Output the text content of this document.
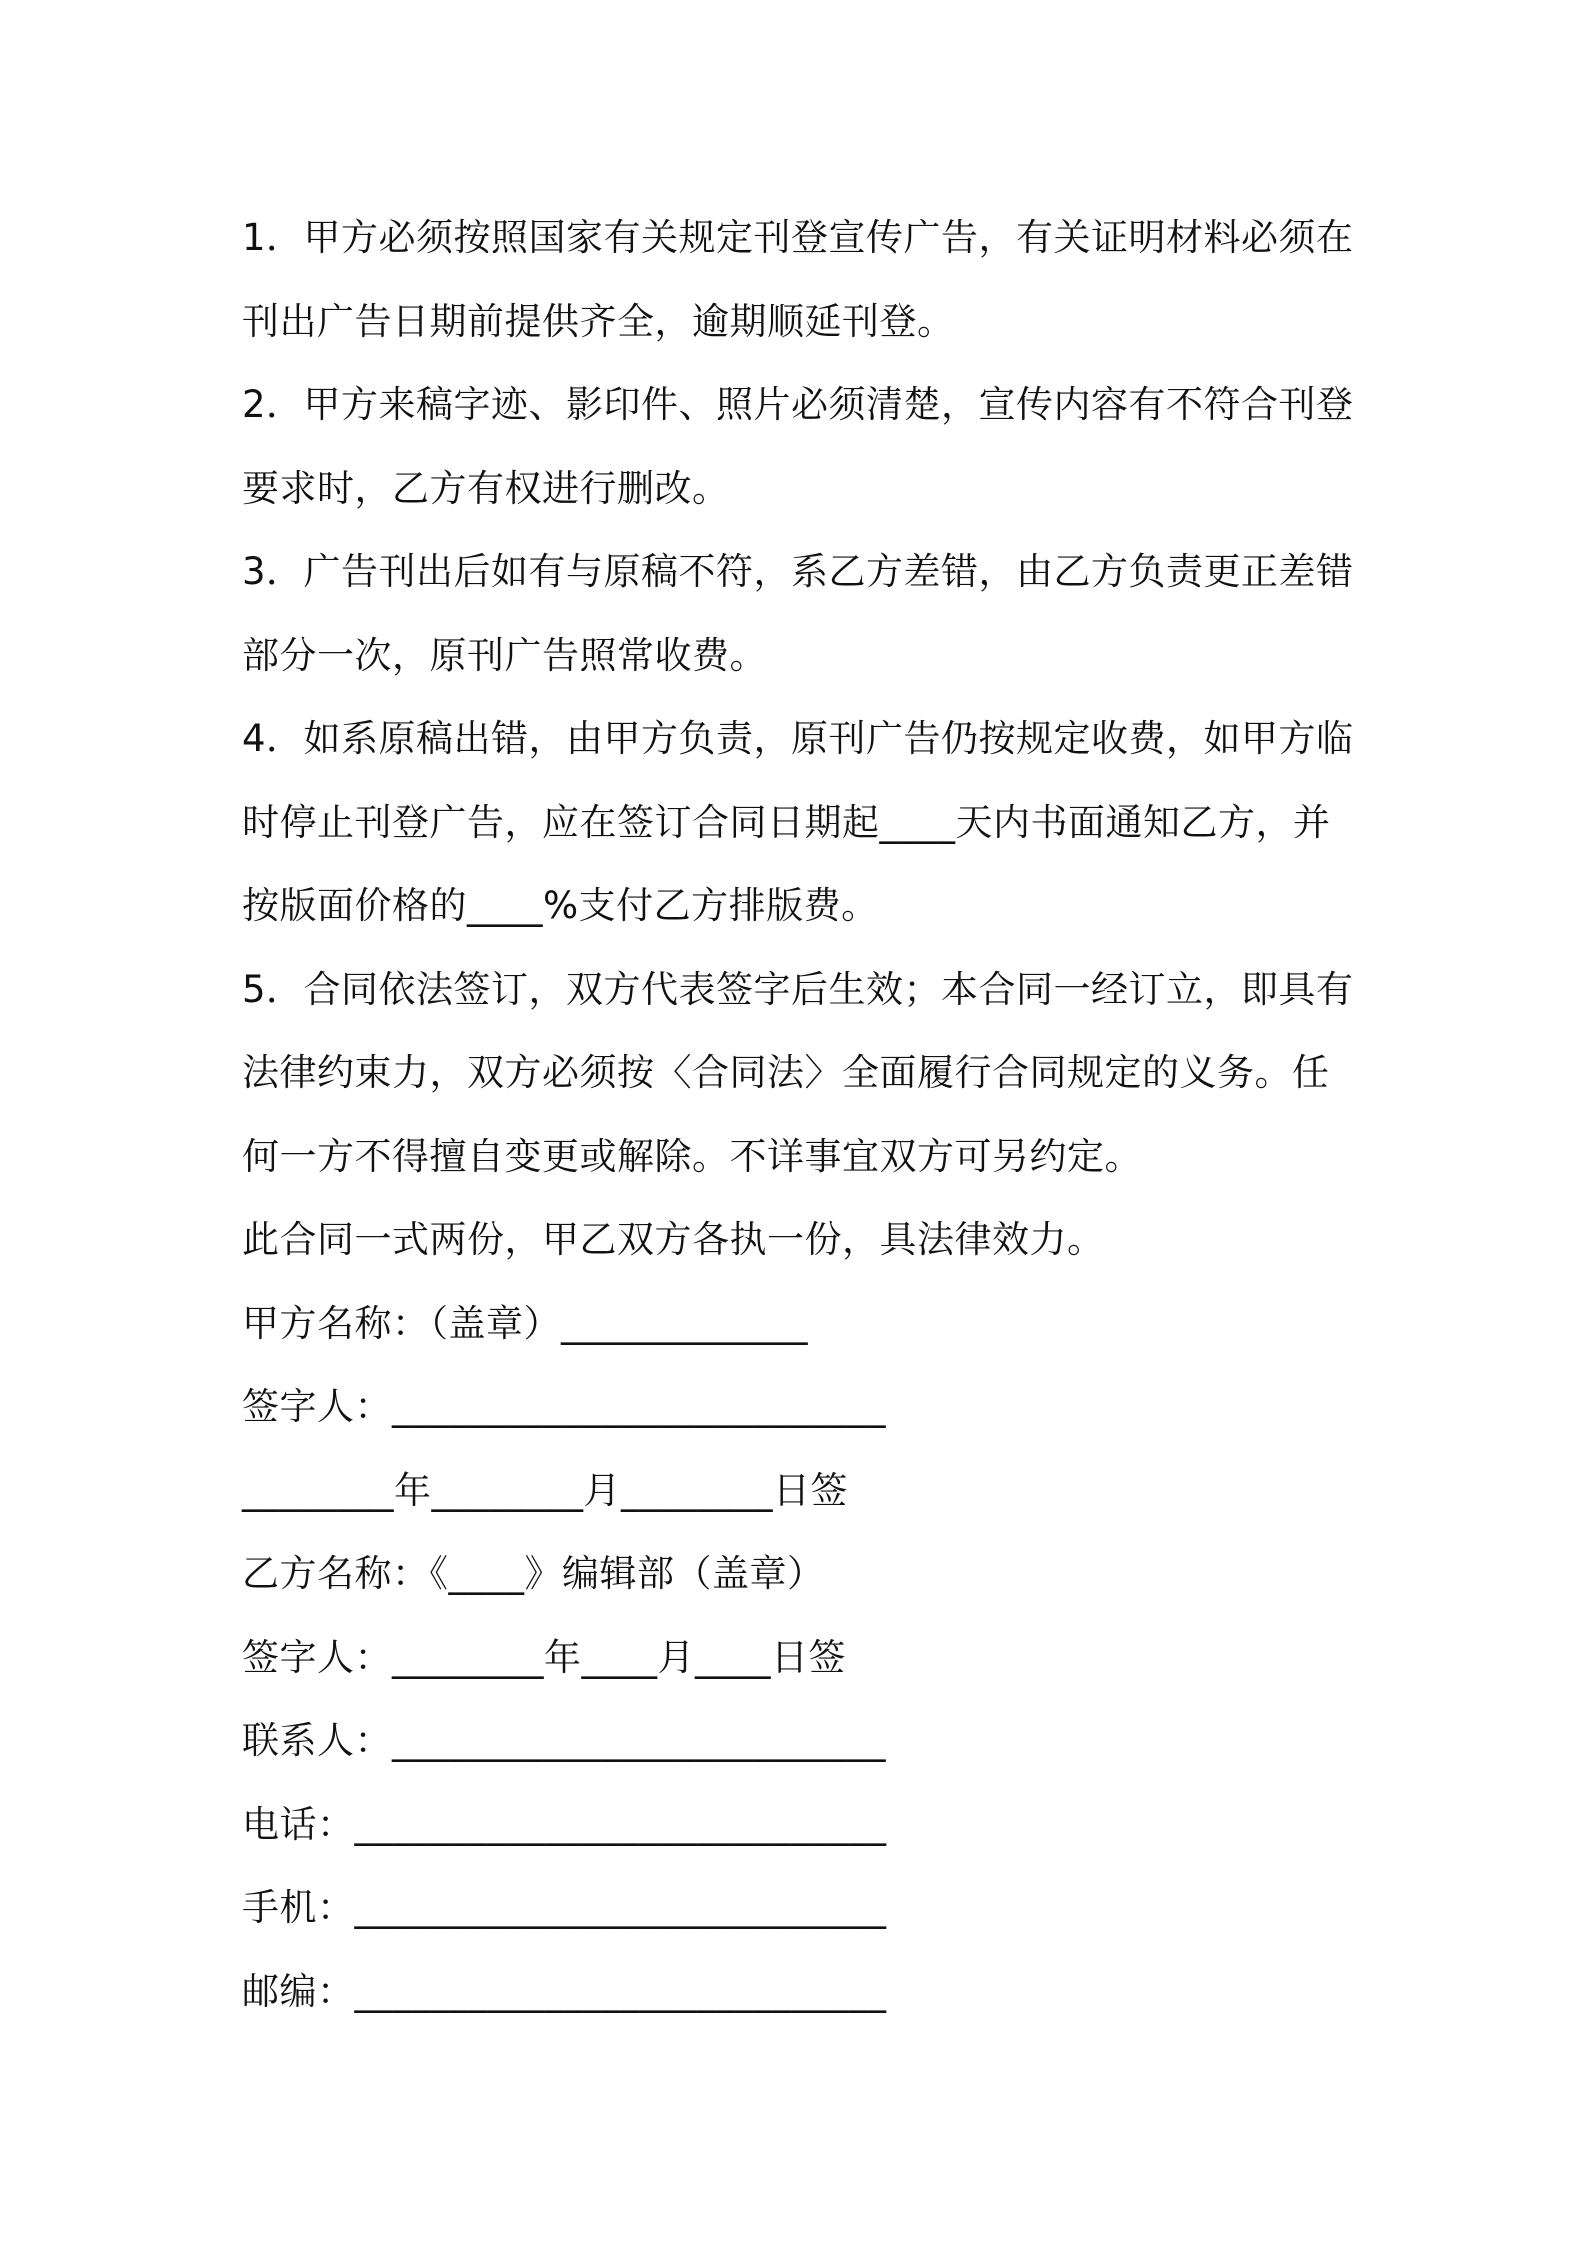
1．甲方必须按照国家有关规定刊登宣传广告，有关证明材料必须在刊出广告日期前提供齐全，逾期顺延刊登。

2．甲方来稿字迹、影印件、照片必须清楚，宣传内容有不符合刊登要求时，乙方有权进行删改。

3．广告刊出后如有与原稿不符，系乙方差错，由乙方负责更正差错部分一次，原刊广告照常收费。

4．如系原稿出错，由甲方负责，原刊广告仍按规定收费，如甲方临时停止刊登广告，应在签订合同日期起____天内书面通知乙方，并按版面价格的____%支付乙方排版费。

5．合同依法签订，双方代表签字后生效；本合同一经订立，即具有法律约束力，双方必须按〈合同法〉全面履行合同规定的义务。任何一方不得擅自变更或解除。不详事宜双方可另约定。

此合同一式两份，甲乙双方各执一份，具法律效力。

甲方名称：（盖章）_____________

签字人：__________________________

________年________月________日签

乙方名称：《____》编辑部（盖章）

签字人：________年____月____日签

联系人：__________________________

电话：____________________________

手机：____________________________

邮编：____________________________
